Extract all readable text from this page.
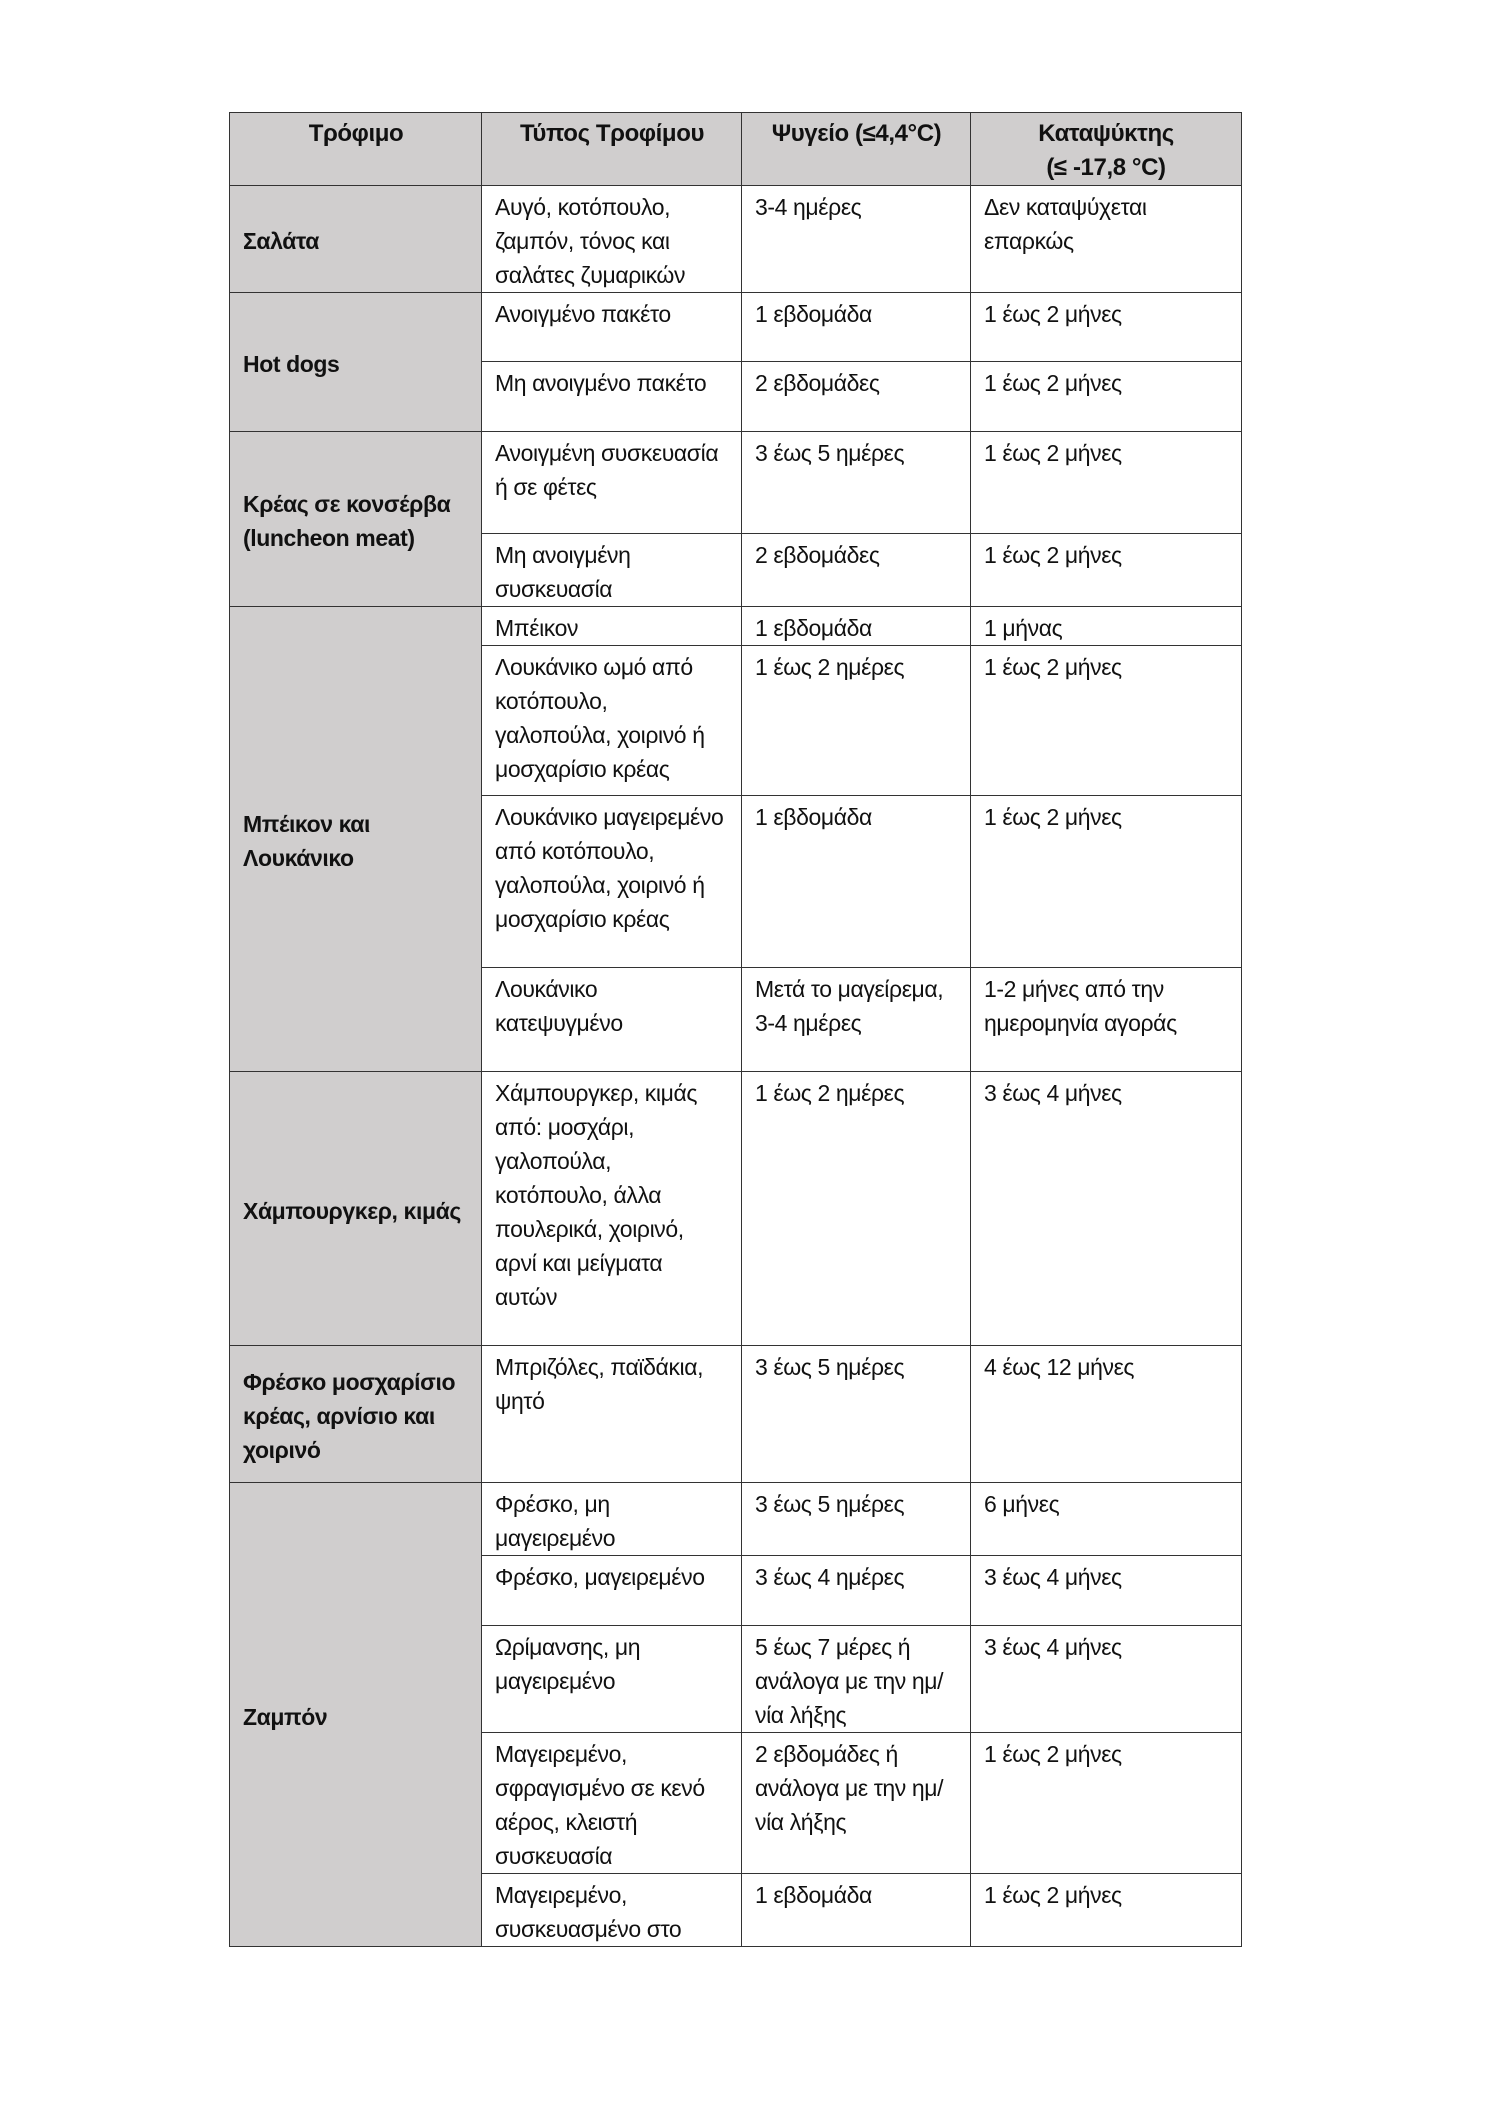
Τρόφιμο	Τύπος Τροφίμου	Ψυγείο (≤4,4°C)	Καταψύκτης (≤ -17,8 °C)
Σαλάτα	Αυγό, κοτόπουλο, ζαμπόν, τόνος και σαλάτες ζυμαρικών	3-4 ημέρες	Δεν καταψύχεται επαρκώς
Hot dogs	Ανοιγμένο πακέτο	1 εβδομάδα	1 έως 2 μήνες
	Μη ανοιγμένο πακέτο	2 εβδομάδες	1 έως 2 μήνες
Κρέας σε κονσέρβα (luncheon meat)	Ανοιγμένη συσκευασία ή σε φέτες	3 έως 5 ημέρες	1 έως 2 μήνες
	Μη ανοιγμένη συσκευασία	2 εβδομάδες	1 έως 2 μήνες
Μπέικον και Λουκάνικο	Μπέικον	1 εβδομάδα	1 μήνας
	Λουκάνικο ωμό από κοτόπουλο, γαλοπούλα, χοιρινό ή μοσχαρίσιο κρέας	1 έως 2 ημέρες	1 έως 2 μήνες
	Λουκάνικο μαγειρεμένο από κοτόπουλο, γαλοπούλα, χοιρινό ή μοσχαρίσιο κρέας	1 εβδομάδα	1 έως 2 μήνες
	Λουκάνικο κατεψυγμένο	Μετά το μαγείρεμα, 3-4 ημέρες	1-2 μήνες από την ημερομηνία αγοράς
Χάμπουργκερ, κιμάς	Χάμπουργκερ, κιμάς από: μοσχάρι, γαλοπούλα, κοτόπουλο, άλλα πουλερικά, χοιρινό, αρνί και μείγματα αυτών	1 έως 2 ημέρες	3 έως 4 μήνες
Φρέσκο μοσχαρίσιο κρέας, αρνίσιο και χοιρινό	Μπριζόλες, παϊδάκια, ψητό	3 έως 5 ημέρες	4 έως 12 μήνες
Ζαμπόν	Φρέσκο, μη μαγειρεμένο	3 έως 5 ημέρες	6 μήνες
	Φρέσκο, μαγειρεμένο	3 έως 4 ημέρες	3 έως 4 μήνες
	Ωρίμανσης, μη μαγειρεμένο	5 έως 7 μέρες ή ανάλογα με την ημ/νία λήξης	3 έως 4 μήνες
	Μαγειρεμένο, σφραγισμένο σε κενό αέρος, κλειστή συσκευασία	2 εβδομάδες ή ανάλογα με την ημ/νία λήξης	1 έως 2 μήνες
	Μαγειρεμένο, συσκευασμένο στο	1 εβδομάδα	1 έως 2 μήνες
